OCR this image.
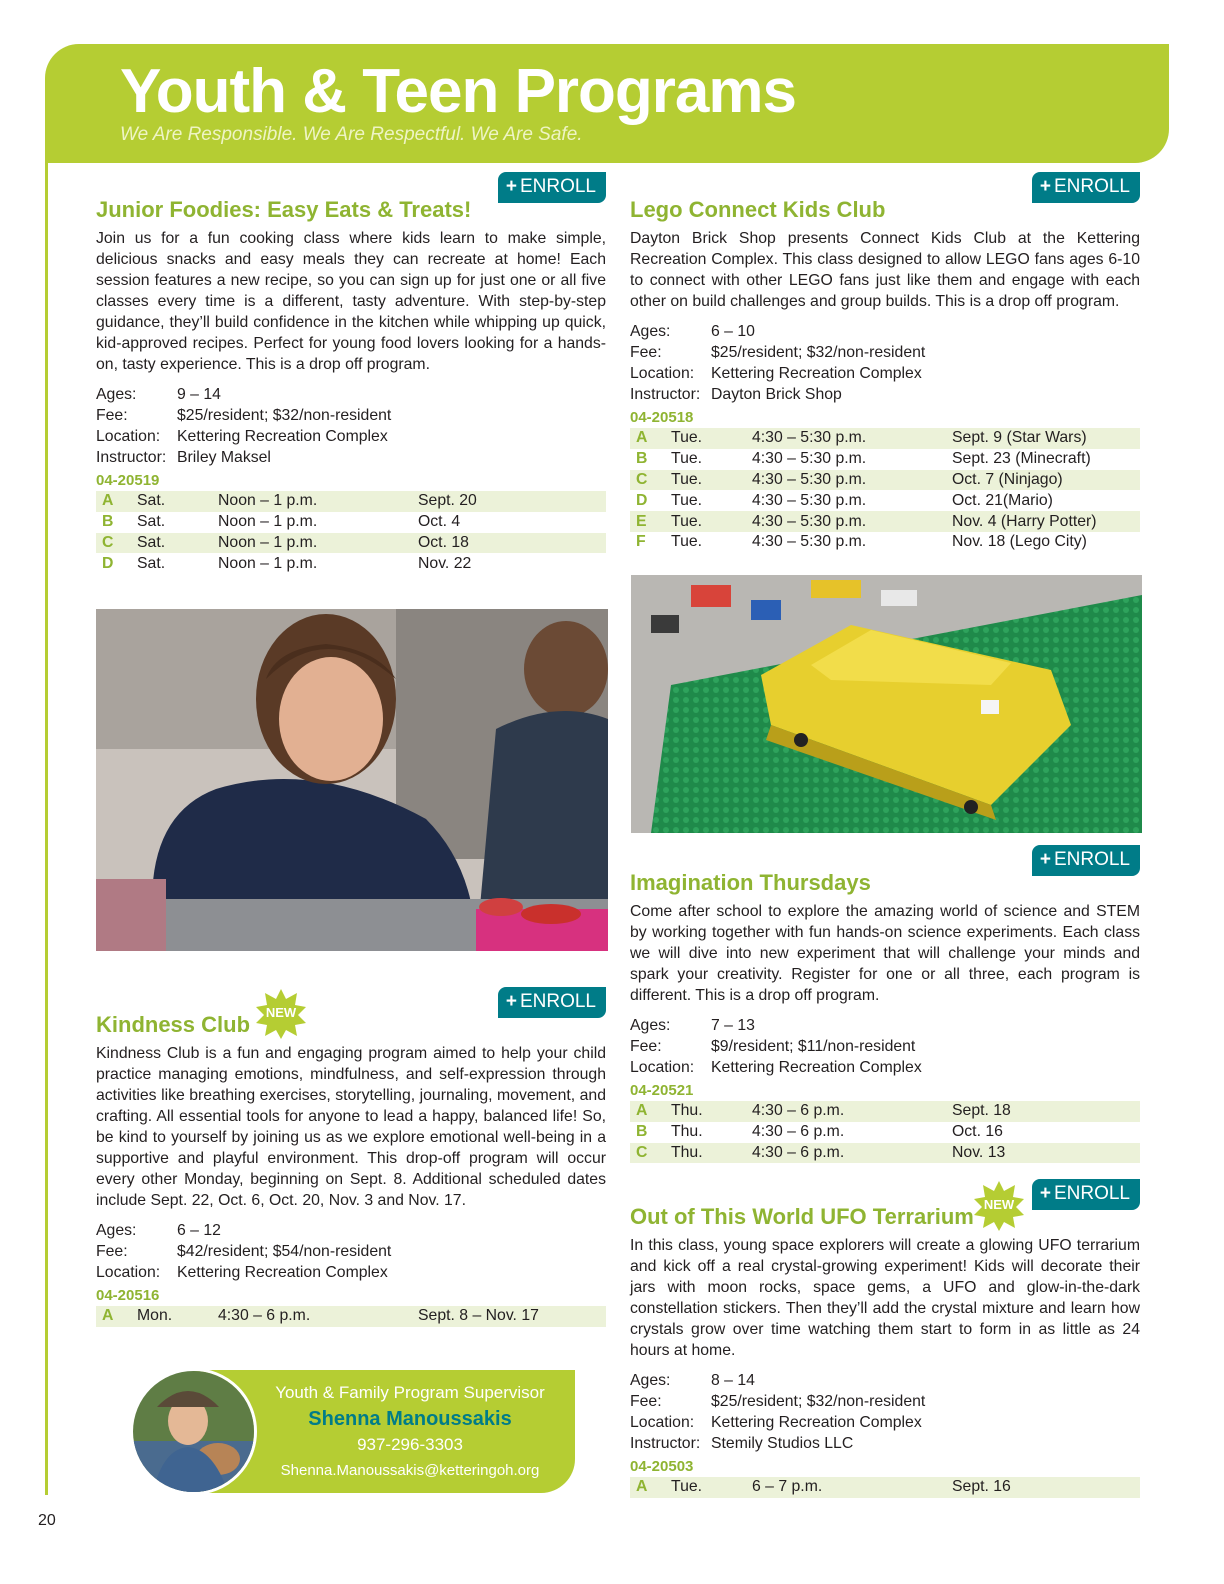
Youth & Teen Programs
We Are Responsible. We Are Respectful. We Are Safe.
+ ENROLL
Junior Foodies: Easy Eats & Treats!
Join us for a fun cooking class where kids learn to make simple, delicious snacks and easy meals they can recreate at home! Each session features a new recipe, so you can sign up for just one or all five classes every time is a different, tasty adventure. With step-by-step guidance, they’ll build confidence in the kitchen while whipping up quick, kid-approved recipes. Perfect for young food lovers looking for a hands-on, tasty experience. This is a drop off program.
Ages:	9 – 14
Fee:	$25/resident; $32/non-resident
Location:	Kettering Recreation Complex
Instructor: Briley Maksel
04-20519
A	Sat.	Noon – 1 p.m.	Sept. 20
B	Sat.	Noon – 1 p.m.	Oct. 4
C	Sat.	Noon – 1 p.m.	Oct. 18
D	Sat.	Noon – 1 p.m.	Nov. 22
+ ENROLL
NEW
Kindness Club
Kindness Club is a fun and engaging program aimed to help your child practice managing emotions, mindfulness, and self-expression through activities like breathing exercises, storytelling, journaling, movement, and crafting. All essential tools for anyone to lead a happy, balanced life! So, be kind to yourself by joining us as we explore emotional well-being in a supportive and playful environment. This drop-off program will occur every other Monday, beginning on Sept. 8. Additional scheduled dates include Sept. 22, Oct. 6, Oct. 20, Nov. 3 and Nov. 17.
Ages:	6 – 12
Fee:	$42/resident; $54/non-resident
Location:	Kettering Recreation Complex
04-20516
A	Mon.	4:30 – 6 p.m.	Sept. 8 – Nov. 17
+ ENROLL
Lego Connect Kids Club
Dayton Brick Shop presents Connect Kids Club at the Kettering Recreation Complex. This class designed to allow LEGO fans ages 6-10 to connect with other LEGO fans just like them and engage with each other on build challenges and group builds. This is a drop off program.
Ages:	6 – 10
Fee:	$25/resident; $32/non-resident
Location:	Kettering Recreation Complex
Instructor: Dayton Brick Shop
04-20518
A	Tue.	4:30 – 5:30 p.m.	Sept. 9 (Star Wars)
B	Tue.	4:30 – 5:30 p.m.	Sept. 23 (Minecraft)
C	Tue.	4:30 – 5:30 p.m.	Oct. 7 (Ninjago)
D	Tue.	4:30 – 5:30 p.m.	Oct. 21(Mario)
E	Tue.	4:30 – 5:30 p.m.	Nov. 4 (Harry Potter)
F	Tue.	4:30 – 5:30 p.m.	Nov. 18 (Lego City)
+ ENROLL
Imagination Thursdays
Come after school to explore the amazing world of science and STEM by working together with fun hands-on science experiments. Each class we will dive into new experiment that will challenge your minds and spark your creativity. Register for one or all three, each program is different. This is a drop off program.
Ages:	7 – 13
Fee:	$9/resident; $11/non-resident
Location:	Kettering Recreation Complex
04-20521
A	Thu.	4:30 – 6 p.m.	Sept. 18
B	Thu.	4:30 – 6 p.m.	Oct. 16
C	Thu.	4:30 – 6 p.m.	Nov. 13
+ ENROLL
NEW
Out of This World UFO Terrarium
In this class, young space explorers will create a glowing UFO terrarium and kick off a real crystal-growing experiment! Kids will decorate their jars with moon rocks, space gems, a UFO and glow-in-the-dark constellation stickers. Then they’ll add the crystal mixture and learn how crystals grow over time watching them start to form in as little as 24 hours at home.
Ages:	8 – 14
Fee:	$25/resident; $32/non-resident
Location:	Kettering Recreation Complex
Instructor: Stemily Studios LLC
04-20503
A	Tue.	6 – 7 p.m.	Sept. 16
Youth & Family Program Supervisor
Shenna Manoussakis
937-296-3303
Shenna.Manoussakis@ketteringoh.org
20
